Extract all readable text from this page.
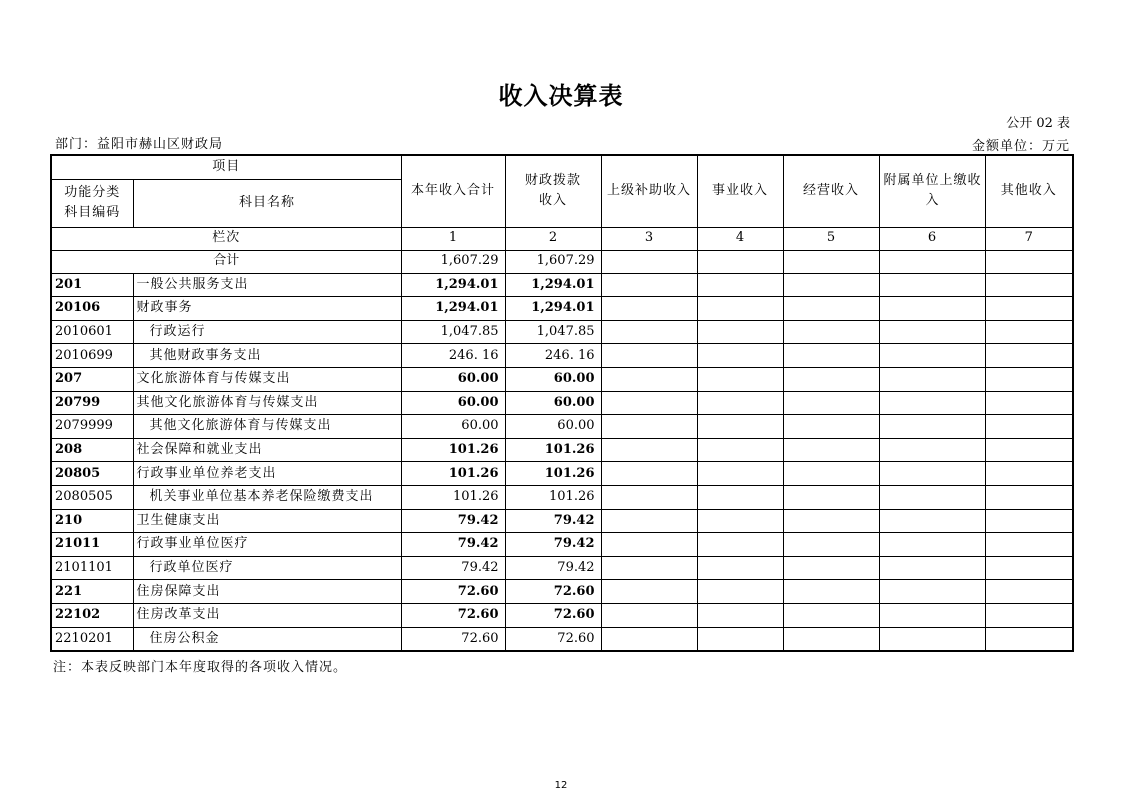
收入决算表
公开 02 表
部门：益阳市赫山区财政局	金额单位：万元
项目		本年收入合计	财政拨款收入	上级补助收入	事业收入	经营收入	附属单位上缴收入	其他收入

功能分类科目编码	科目名称							
栏次		1	2	3	4	5	6	7
合计		1,607.29	1,607.29					
201	一般公共服务支出	1,294.01	1,294.01					
20106	财政事务	1,294.01	1,294.01					
2010601	行政运行	1,047.85	1,047.85					
2010699	其他财政事务支出	246. 16	246. 16					
207	文化旅游体育与传媒支出	60.00	60.00					
20799	其他文化旅游体育与传媒支出	60.00	60.00					
2079999	其他文化旅游体育与传媒支出	60.00	60.00					
208	社会保障和就业支出	101.26	101.26					
20805	行政事业单位养老支出	101.26	101.26					
2080505	机关事业单位基本养老保险缴费支出	101.26	101.26					
210	卫生健康支出	79.42	79.42					
21011	行政事业单位医疗	79.42	79.42					
2101101	行政单位医疗	79.42	79.42					
221	住房保障支出	72.60	72.60					
22102	住房改革支出	72.60	72.60					
2210201	住房公积金	72.60	72.60					
注：本表反映部门本年度取得的各项收入情况。
12
